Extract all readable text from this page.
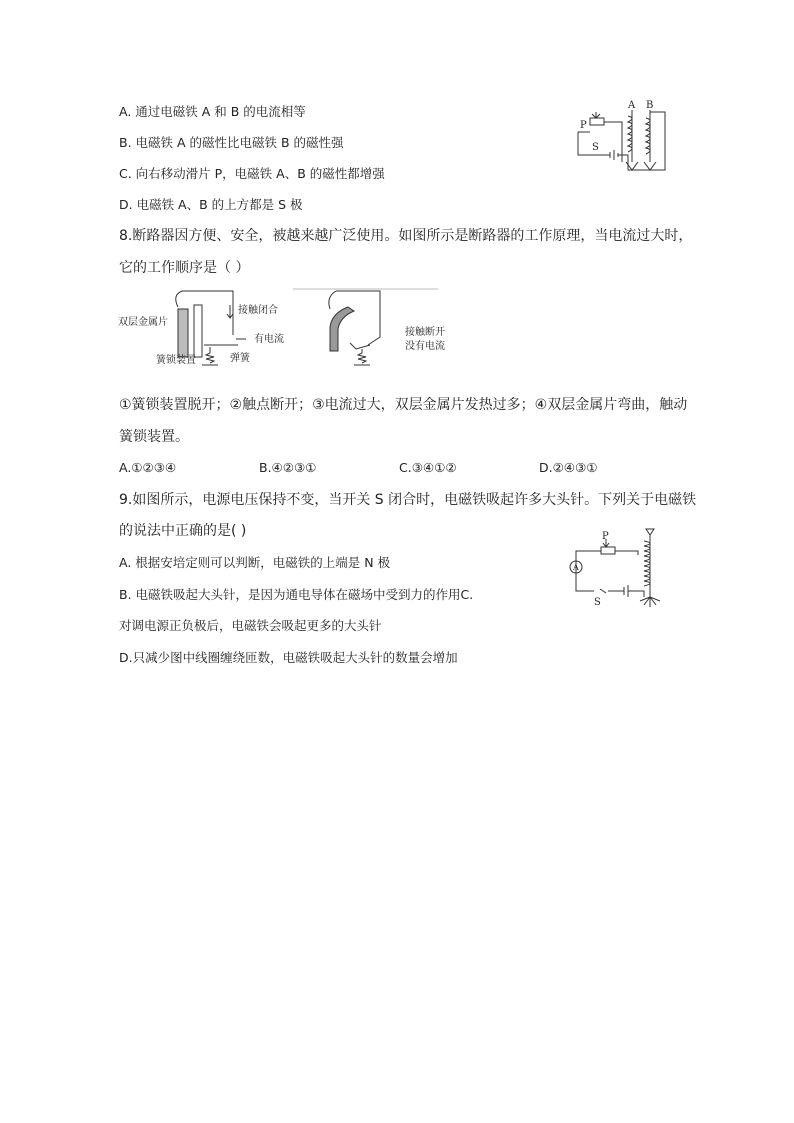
A. 通过电磁铁 A 和 B 的电流相等
B. 电磁铁 A 的磁性比电磁铁 B 的磁性强
C. 向右移动滑片 P，电磁铁 A、B 的磁性都增强
D. 电磁铁 A、B 的上方都是 S 极
A B
P
S
8.断路器因方便、安全，被越来越广泛使用。如图所示是断路器的工作原理，当电流过大时，
它的工作顺序是（ ）
双层金属片
接触闭合
有电流
簧锁装置	弹簧
接触断开
没有电流
①簧锁装置脱开；②触点断开；③电流过大，双层金属片发热过多；④双层金属片弯曲，触动
簧锁装置。
A.①②③④	B.④②③①	C.③④①②	D.②④③①
9.如图所示，电源电压保持不变，当开关 S 闭合时，电磁铁吸起许多大头针。下列关于电磁铁
的说法中正确的是( )
A. 根据安培定则可以判断，电磁铁的上端是 N 极
B. 电磁铁吸起大头针，是因为通电导体在磁场中受到力的作用C.
对调电源正负极后，电磁铁会吸起更多的大头针
D.只减少图中线圈缠绕匝数，电磁铁吸起大头针的数量会增加
P
A
S
